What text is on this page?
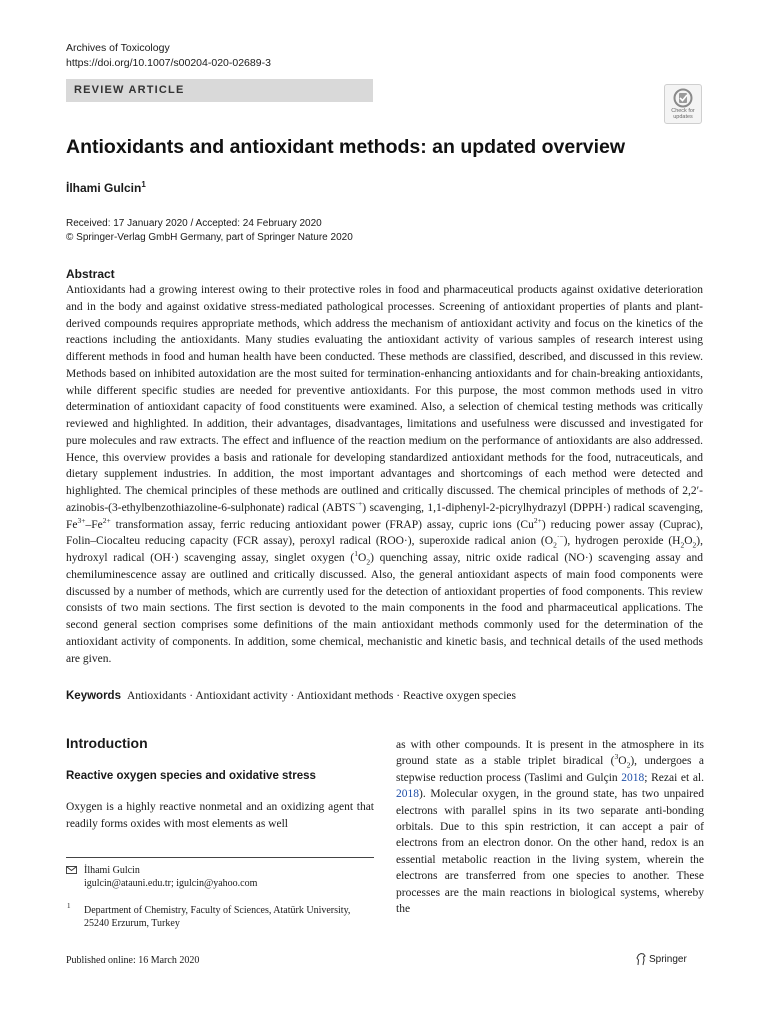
Archives of Toxicology
https://doi.org/10.1007/s00204-020-02689-3
REVIEW ARTICLE
Check for
updates
Antioxidants and antioxidant methods: an updated overview
İlhami Gulcin$^1$
Received: 17 January 2020 / Accepted: 24 February 2020
© Springer-Verlag GmbH Germany, part of Springer Nature 2020
Abstract
Antioxidants had a growing interest owing to their protective roles in food and pharmaceutical products against oxidative deterioration and in the body and against oxidative stress-mediated pathological processes. Screening of antioxidant properties of plants and plant-derived compounds requires appropriate methods, which address the mechanism of antioxidant activity and focus on the kinetics of the reactions including the antioxidants. Many studies evaluating the antioxidant activity of various samples of research interest using different methods in food and human health have been conducted. These methods are classified, described, and discussed in this review. Methods based on inhibited autoxidation are the most suited for termination-enhancing antioxidants and for chain-breaking antioxidants, while different specific studies are needed for preventive antioxidants. For this purpose, the most common methods used in vitro determination of antioxidant capacity of food constituents were examined. Also, a selection of chemical testing methods was critically reviewed and highlighted. In addition, their advantages, disadvantages, limitations and usefulness were discussed and investigated for pure molecules and raw extracts. The effect and influence of the reaction medium on the performance of antioxidants are also addressed. Hence, this overview provides a basis and rationale for developing standardized antioxidant methods for the food, nutraceuticals, and dietary supplement industries. In addition, the most important advantages and shortcomings of each method were detected and highlighted. The chemical principles of these methods are outlined and critically discussed. The chemical principles of methods of 2,2′-azinobis-(3-ethylbenzothiazoline-6-sulphonate) radical (ABTS·+) scavenging, 1,1-diphenyl-2-picrylhydrazyl (DPPH·) radical scavenging, $Fe^{3+}-Fe^{2+}$ transformation assay, ferric reducing antioxidant power (FRAP) assay, cupric ions $(Cu^{2+})$ reducing power assay (Cuprac), Folin–Ciocalteu reducing capacity (FCR assay), peroxyl radical (ROO·), superoxide radical anion $(O_2^{\cdot-})$, hydrogen peroxide $(H_2O_2)$, hydroxyl radical (OH·) scavenging assay, singlet oxygen $(^1O_2)$ quenching assay, nitric oxide radical (NO·) scavenging assay and chemiluminescence assay are outlined and critically discussed. Also, the general antioxidant aspects of main food components were discussed by a number of methods, which are currently used for the detection of antioxidant properties of food components. This review consists of two main sections. The first section is devoted to the main components in the food and pharmaceutical applications. The second general section comprises some definitions of the main antioxidant methods commonly used for the determination of the antioxidant activity of components. In addition, some chemical, mechanistic and kinetic basis, and technical details of the used methods are given.
Keywords Antioxidants · Antioxidant activity · Antioxidant methods · Reactive oxygen species
Introduction
Reactive oxygen species and oxidative stress
Oxygen is a highly reactive nonmetal and an oxidizing agent that readily forms oxides with most elements as well
İlhami Gulcin
igulcin@atauni.edu.tr; igulcin@yahoo.com
1 Department of Chemistry, Faculty of Sciences, Atatürk University, 25240 Erzurum, Turkey
as with other compounds. It is present in the atmosphere in its ground state as a stable triplet biradical $(^3O_2)$, undergoes a stepwise reduction process (Taslimi and Gulçin 2018; Rezai et al. 2018). Molecular oxygen, in the ground state, has two unpaired electrons with parallel spins in its two separate anti-bonding orbitals. Due to this spin restriction, it can accept a pair of electrons from an electron donor. On the other hand, redox is an essential metabolic reaction in the living system, wherein the electrons are transferred from one species to another. These processes are the main reactions in biological systems, whereby the
Published online: 16 March 2020	Springer
